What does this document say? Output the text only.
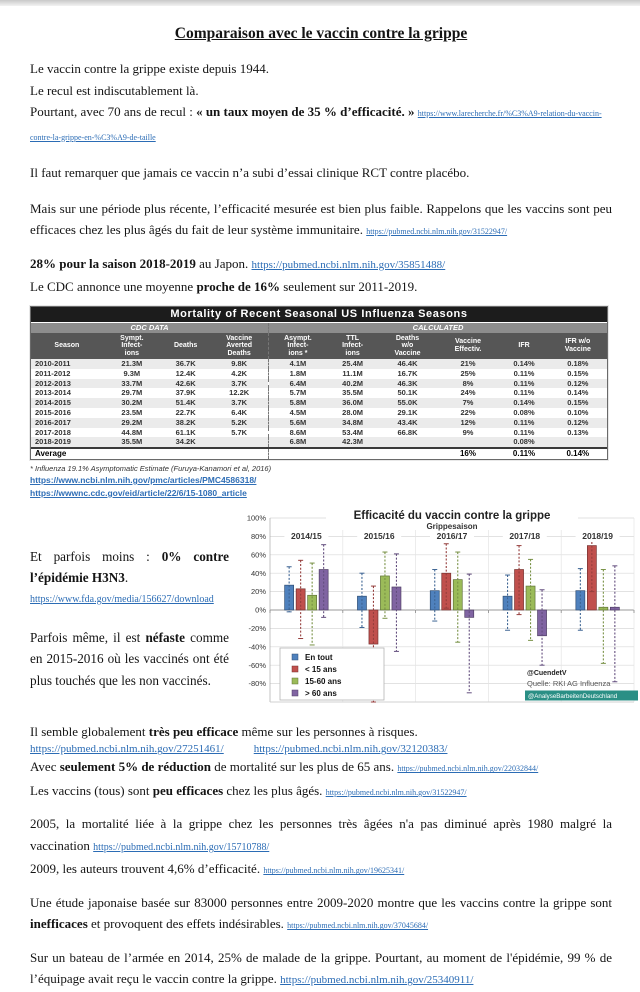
Comparaison avec le vaccin contre la grippe

Le vaccin contre la grippe existe depuis 1944.
Le recul est indiscutablement là.
Pourtant, avec 70 ans de recul : « un taux moyen de 35 % d’efficacité. » https://www.larecherche.fr/%C3%A9-relation-du-vaccin-contre-la-grippe-en-%C3%A9-de-taille

Il faut remarquer que jamais ce vaccin n’a subi d’essai clinique RCT contre placébo.

Mais sur une période plus récente, l’efficacité mesurée est bien plus faible. Rappelons que les vaccins sont peu efficaces chez les plus âgés du fait de leur système immunitaire. https://pubmed.ncbi.nlm.nih.gov/31522947/

28% pour la saison 2018-2019 au Japon. https://pubmed.ncbi.nlm.nih.gov/35851488/
Le CDC annonce une moyenne proche de 16% seulement sur 2011-2019.

Mortality of Recent Seasonal US Influenza Seasons
CDC DATA				CALCULATED					
Season	Sympt.
Infect-
ions	Deaths	Vaccine
Averted
Deaths	Asympt.
Infect-
ions *	TTL
Infect-
ions	Deaths
w/o
Vaccine	Vaccine
Effectiv.	IFR	IFR w/o
Vaccine
2010-2011	21.3M	36.7K	9.8K	4.1M	25.4M	46.4K	21%	0.14%	0.18%
2011-2012	9.3M	12.4K	4.2K	1.8M	11.1M	16.7K	25%	0.11%	0.15%
2012-2013	33.7M	42.6K	3.7K	6.4M	40.2M	46.3K	8%	0.11%	0.12%
2013-2014	29.7M	37.9K	12.2K	5.7M	35.5M	50.1K	24%	0.11%	0.14%
2014-2015	30.2M	51.4K	3.7K	5.8M	36.0M	55.0K	7%	0.14%	0.15%
2015-2016	23.5M	22.7K	6.4K	4.5M	28.0M	29.1K	22%	0.08%	0.10%
2016-2017	29.2M	38.2K	5.2K	5.6M	34.8M	43.4K	12%	0.11%	0.12%
2017-2018	44.8M	61.1K	5.7K	8.6M	53.4M	66.8K	9%	0.11%	0.13%
2018-2019	35.5M	34.2K		6.8M	42.3M			0.08%	
Average							16%	0.11%	0.14%
* Influenza 19.1% Asymptomatic Estimate (Furuya-Kanamori et al, 2016)
https://www.ncbi.nlm.nih.gov/pmc/articles/PMC4586318/
https://wwwnc.cdc.gov/eid/article/22/6/15-1080_article

Et parfois moins : 0% contre l’épidémie H3N3.

https://www.fda.gov/media/156627/download

Parfois même, il est néfaste comme en 2015-2016 où les vaccinés ont été plus touchés que les non vaccinés.

100%
80%
60%
40%
20%
0%
-20%
-40%
-60%
-80%
2014/15	2015/16	2016/17	2017/18	2018/19
Efficacité du vaccin contre la grippe
Grippesaison
En tout
< 15 ans
15-60 ans
> 60 ans
@CuendetV
Quelle: RKI AG Influenza
@AnalyseBarbeitenDeutschland

Il semble globalement très peu efficace même sur les personnes à risques.

https://pubmed.ncbi.nlm.nih.gov/27251461/	https://pubmed.ncbi.nlm.nih.gov/32120383/

Avec seulement 5% de réduction de mortalité sur les plus de 65 ans. https://pubmed.ncbi.nlm.nih.gov/22032844/

Les vaccins (tous) sont peu efficaces chez les plus âgés. https://pubmed.ncbi.nlm.nih.gov/31522947/

2005, la mortalité liée à la grippe chez les personnes très âgées n'a pas diminué après 1980 malgré la vaccination https://pubmed.ncbi.nlm.nih.gov/15710788/

2009, les auteurs trouvent 4,6% d’efficacité. https://pubmed.ncbi.nlm.nih.gov/19625341/

Une étude japonaise basée sur 83000 personnes entre 2009-2020 montre que les vaccins contre la grippe sont inefficaces et provoquent des effets indésirables. https://pubmed.ncbi.nlm.nih.gov/37045684/

Sur un bateau de l’armée en 2014, 25% de malade de la grippe. Pourtant, au moment de l'épidémie, 99 % de l’équipage avait reçu le vaccin contre la grippe. https://pubmed.ncbi.nlm.nih.gov/25340911/
